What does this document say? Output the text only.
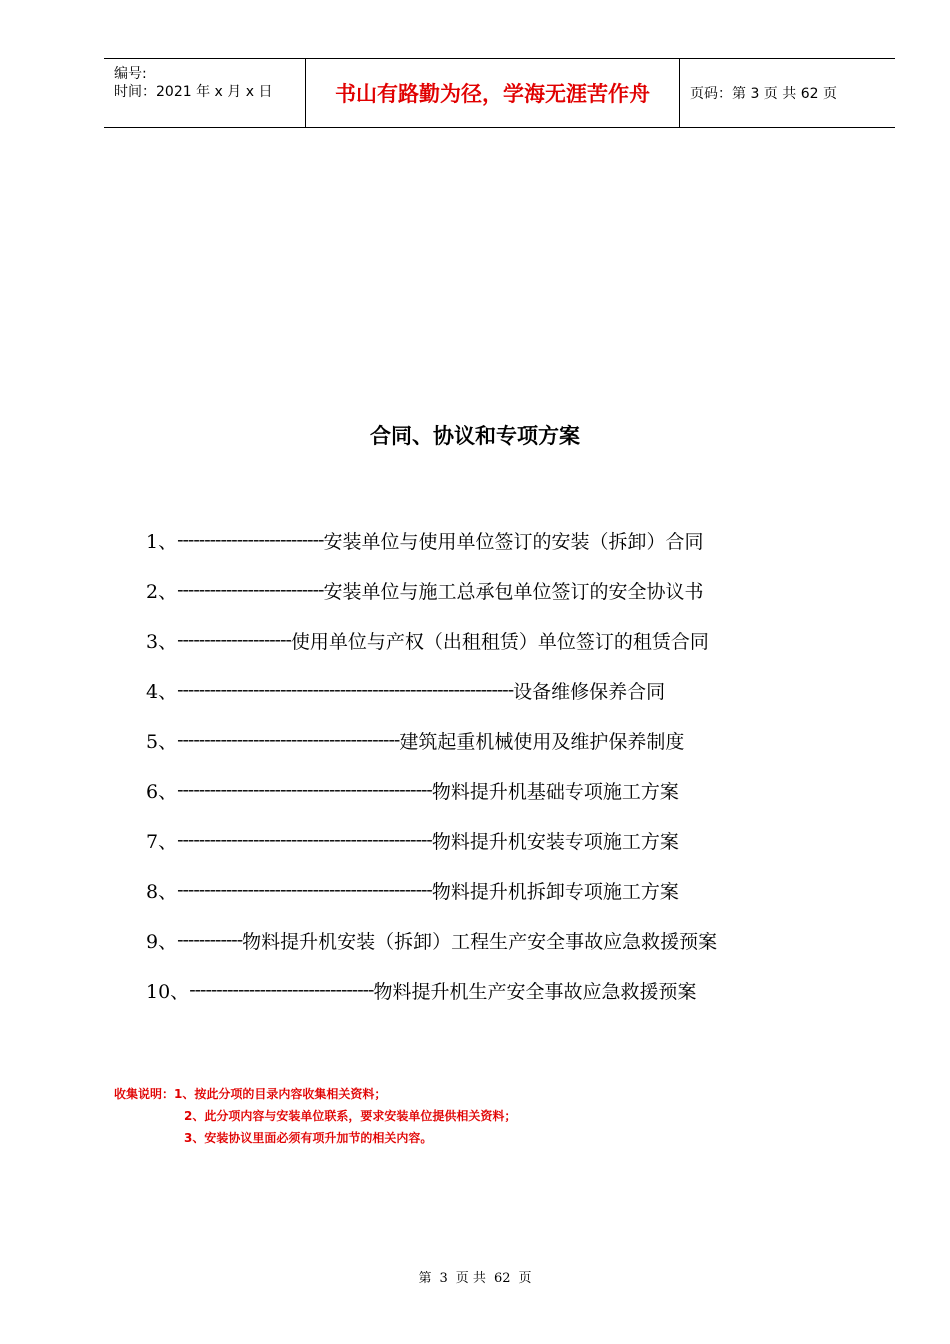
编号:
时间：2021 年 x 月 x 日	书山有路勤为径，学海无涯苦作舟	页码：第 3 页 共 62 页
合同、协议和专项方案
1、 --------------------------- 安装单位与使用单位签订的安装（拆卸）合同
2、 --------------------------- 安装单位与施工总承包单位签订的安全协议书
3、 --------------------- 使用单位与产权（出租租赁）单位签订的租赁合同
4、 -------------------------------------------------------------- 设备维修保养合同
5、 ----------------------------------------- 建筑起重机械使用及维护保养制度
6、 ----------------------------------------------- 物料提升机基础专项施工方案
7、 ----------------------------------------------- 物料提升机安装专项施工方案
8、 ----------------------------------------------- 物料提升机拆卸专项施工方案
9、 ------------ 物料提升机安装（拆卸）工程生产安全事故应急救援预案
10、 ---------------------------------- 物料提升机生产安全事故应急救援预案
收集说明：1、按此分项的目录内容收集相关资料；
2、此分项内容与安装单位联系，要求安装单位提供相关资料；
3、安装协议里面必须有项升加节的相关内容。
第 3 页 共 62 页
